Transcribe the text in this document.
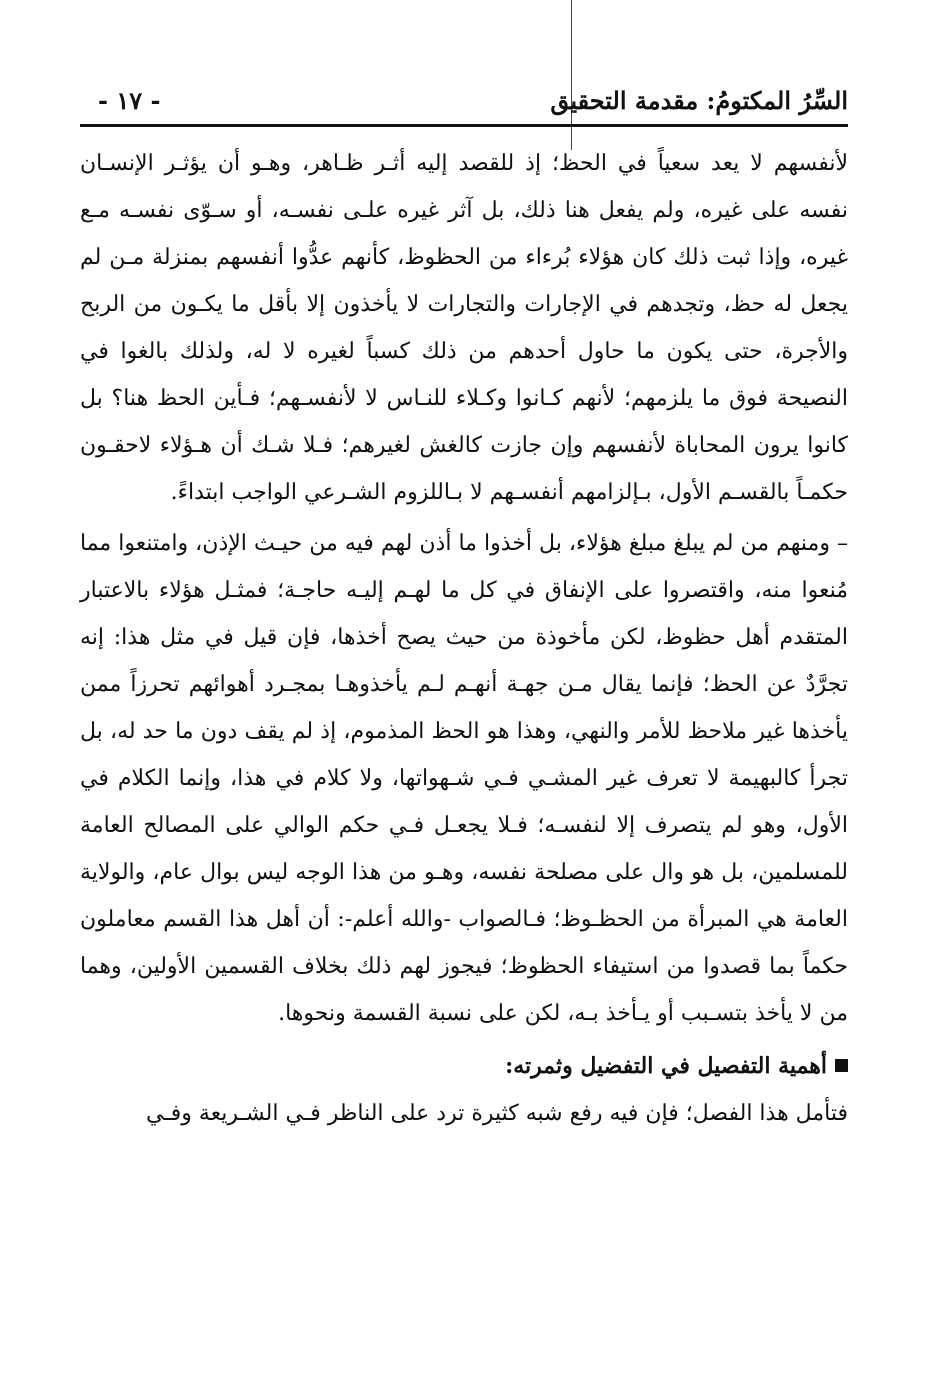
السِّرُ المكتومُ: مقدمة التحقيق
- ١٧ -

لأنفسهم لا يعد سعياً في الحظ؛ إذ للقصد إليه أثـر ظـاهر، وهـو أن يؤثـر الإنسـان نفسه على غيره، ولم يفعل هنا ذلك، بل آثر غيره علـى نفسـه، أو سـوّى نفسـه مـع غيره، وإذا ثبت ذلك كان هؤلاء بُرءاء من الحظوظ، كأنهم عدُّوا أنفسهم بمنزلة مـن لم يجعل له حظ، وتجدهم في الإجارات والتجارات لا يأخذون إلا بأقل ما يكـون من الربح والأجرة، حتى يكون ما حاول أحدهم من ذلك كسباً لغيره لا له، ولذلك بالغوا في النصيحة فوق ما يلزمهم؛ لأنهم كـانوا وكـلاء للنـاس لا لأنفسـهم؛ فـأين الحظ هنا؟ بل كانوا يرون المحاباة لأنفسهم وإن جازت كالغش لغيرهم؛ فـلا شـك أن هـؤلاء لاحقـون حكمـاً بالقسـم الأول، بـإلزامهم أنفسـهم لا بـاللزوم الشـرعي الواجب ابتداءً.

– ومنهم من لم يبلغ مبلغ هؤلاء، بل أخذوا ما أذن لهم فيه من حيـث الإذن، وامتنعوا مما مُنعوا منه، واقتصروا على الإنفاق في كل ما لهـم إليـه حاجـة؛ فمثـل هؤلاء بالاعتبار المتقدم أهل حظوظ، لكن مأخوذة من حيث يصح أخذها، فإن قيل في مثل هذا: إنه تجرَّدٌ عن الحظ؛ فإنما يقال مـن جهـة أنهـم لـم يأخذوهـا بمجـرد أهوائهم تحرزاً ممن يأخذها غير ملاحظ للأمر والنهي، وهذا هو الحظ المذموم، إذ لم يقف دون ما حد له، بل تجرأ كالبهيمة لا تعرف غير المشـي فـي شـهواتها، ولا كلام في هذا، وإنما الكلام في الأول، وهو لم يتصرف إلا لنفسـه؛ فـلا يجعـل فـي حكم الوالي على المصالح العامة للمسلمين، بل هو وال على مصلحة نفسه، وهـو من هذا الوجه ليس بوال عام، والولاية العامة هي المبرأة من الحظـوظ؛ فـالصواب -والله أعلم-: أن أهل هذا القسم معاملون حكماً بما قصدوا من استيفاء الحظوظ؛ فيجوز لهم ذلك بخلاف القسمين الأولين، وهما من لا يأخذ بتسـبب أو يـأخذ بـه، لكن على نسبة القسمة ونحوها.

أهمية التفصيل في التفضيل وثمرته:

فتأمل هذا الفصل؛ فإن فيه رفع شبه كثيرة ترد على الناظر فـي الشـريعة وفـي
